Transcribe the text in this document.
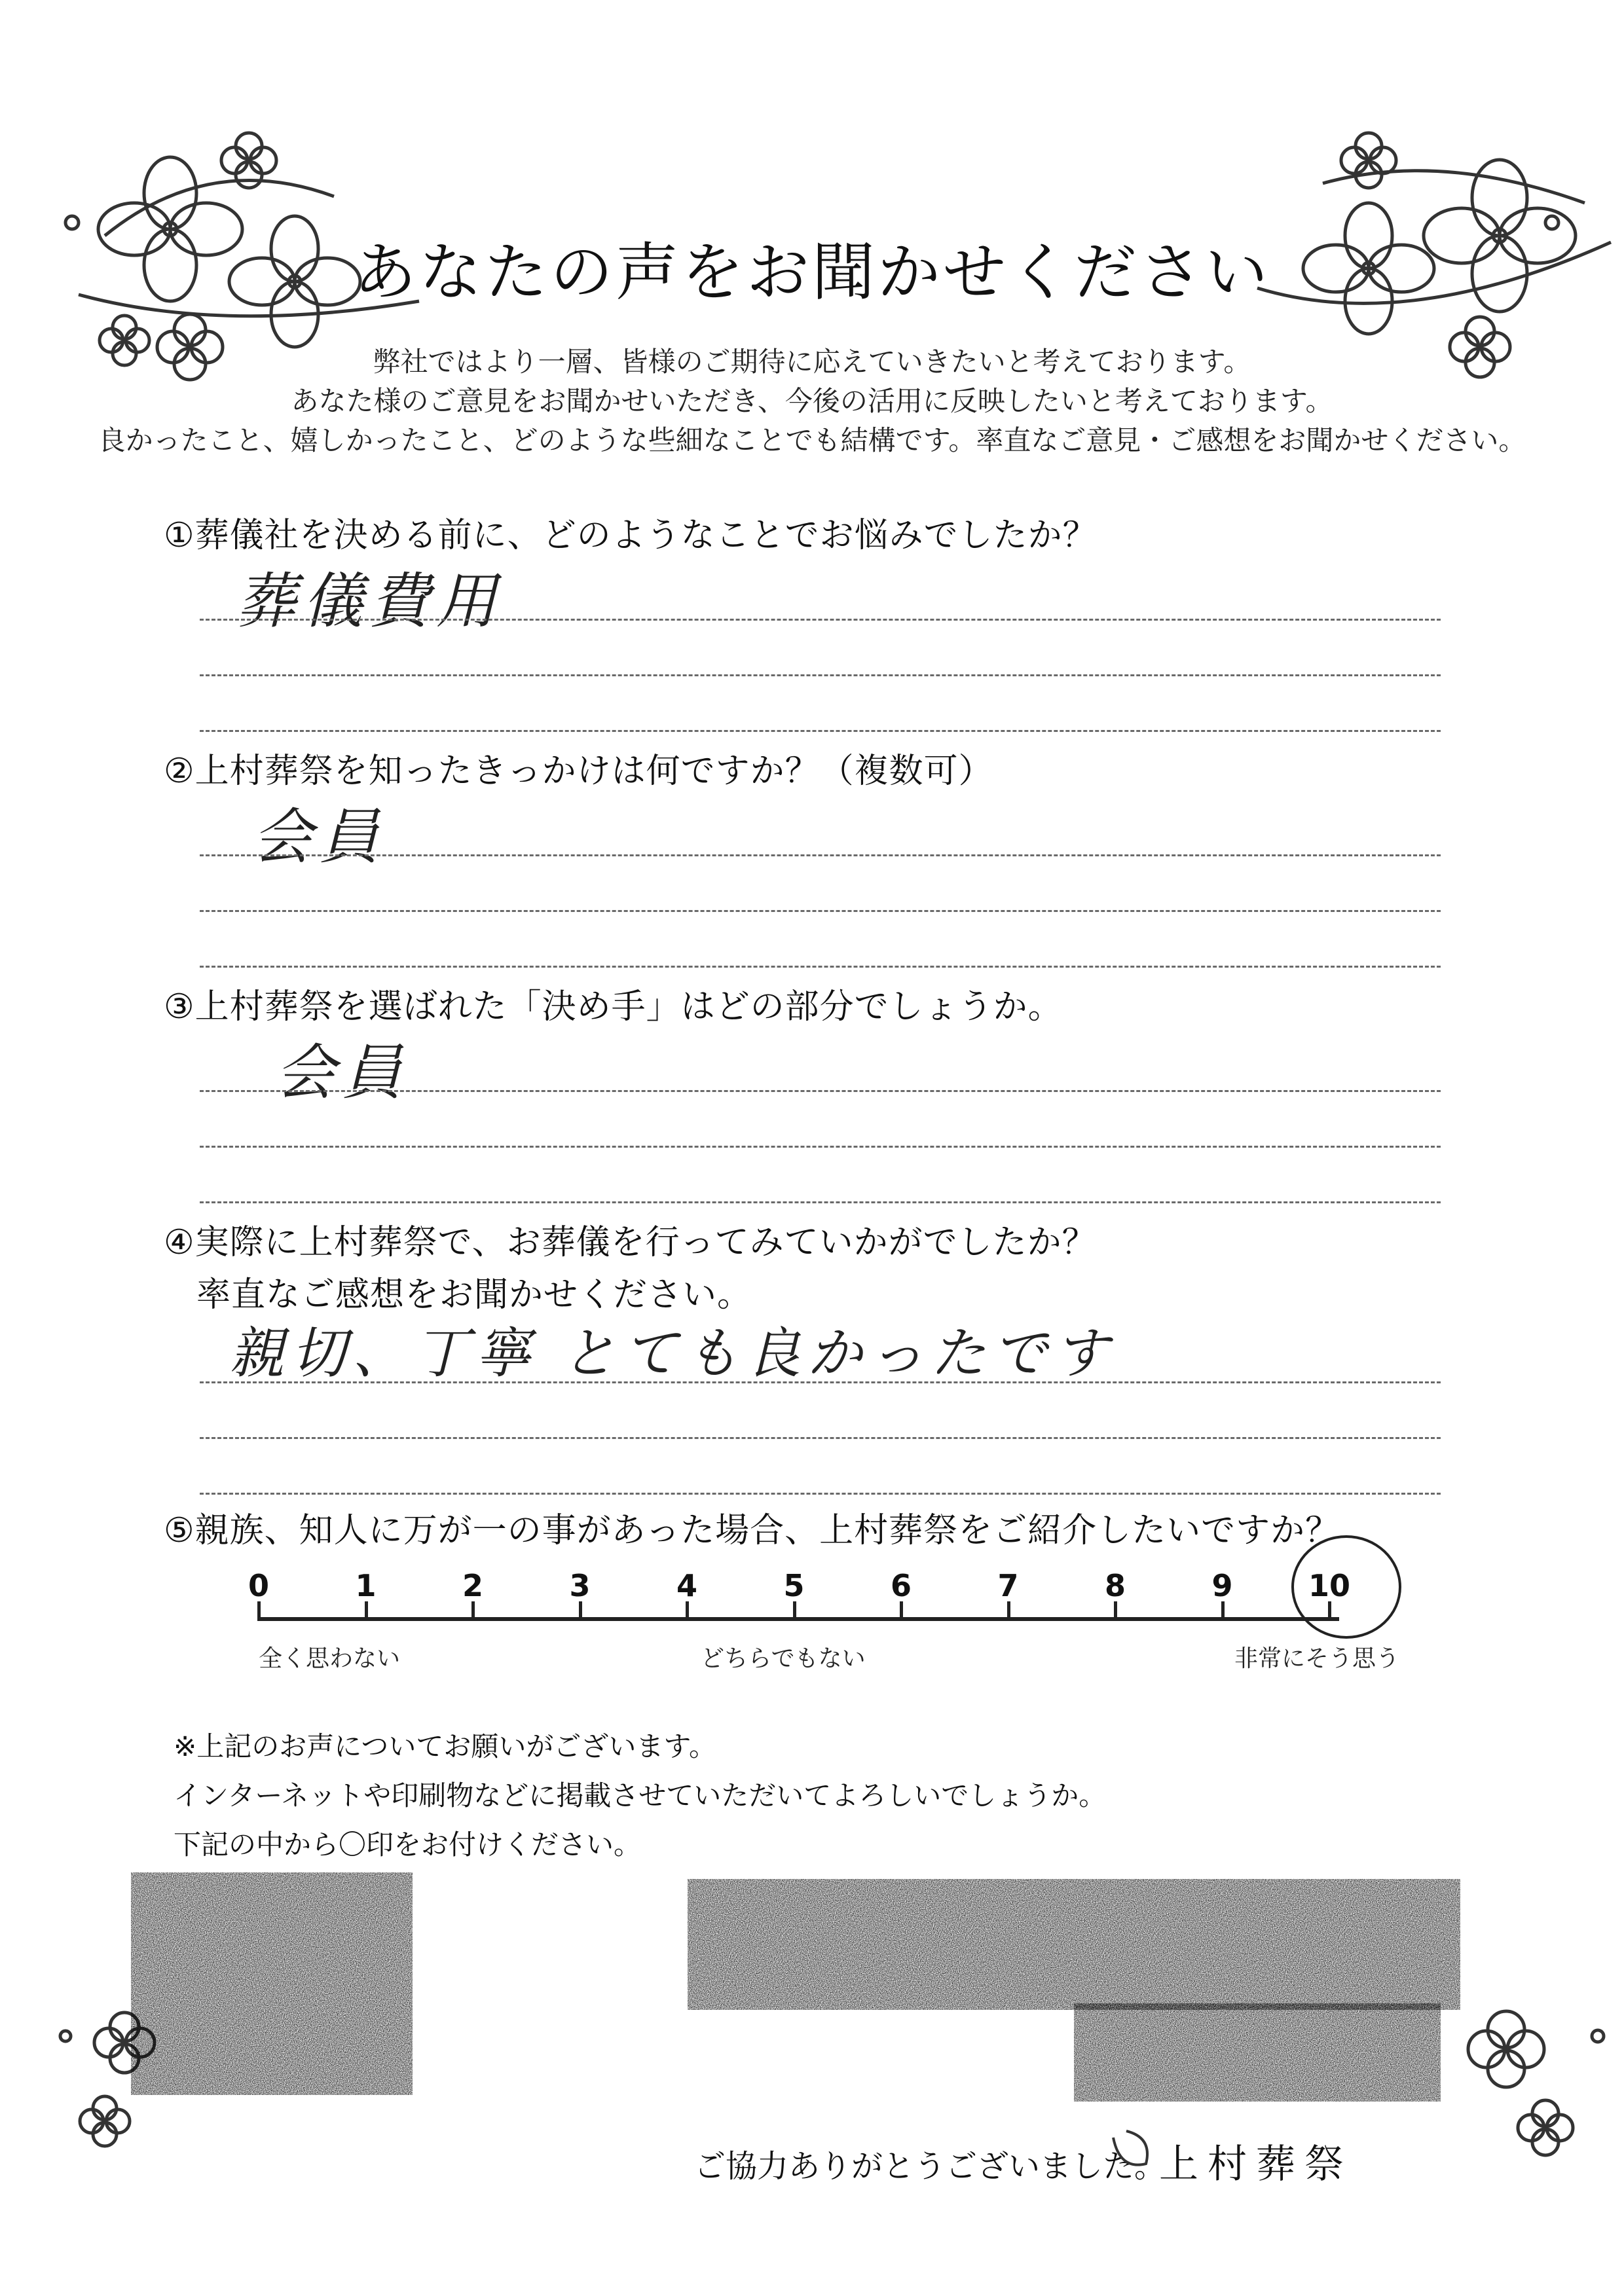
あなたの声をお聞かせください
弊社ではより一層、皆様のご期待に応えていきたいと考えております。
あなた様のご意見をお聞かせいただき、今後の活用に反映したいと考えております。
良かったこと、嬉しかったこと、どのような些細なことでも結構です。率直なご意見・ご感想をお聞かせください。
①葬儀社を決める前に、どのようなことでお悩みでしたか？
葬儀費用
②上村葬祭を知ったきっかけは何ですか？（複数可）
会員
③上村葬祭を選ばれた「決め手」はどの部分でしょうか。
会員
④実際に上村葬祭で、お葬儀を行ってみていかがでしたか？
率直なご感想をお聞かせください。
親切、丁寧 とても良かったです
⑤親族、知人に万が一の事があった場合、上村葬祭をご紹介したいですか？
0	1	2	3	4	5	6	7	8	9	10
全く思わない	どちらでもない	非常にそう思う
※上記のお声についてお願いがございます。
インターネットや印刷物などに掲載させていただいてよろしいでしょうか。
下記の中から〇印をお付けください。
ご協力ありがとうございました。
上村葬祭
